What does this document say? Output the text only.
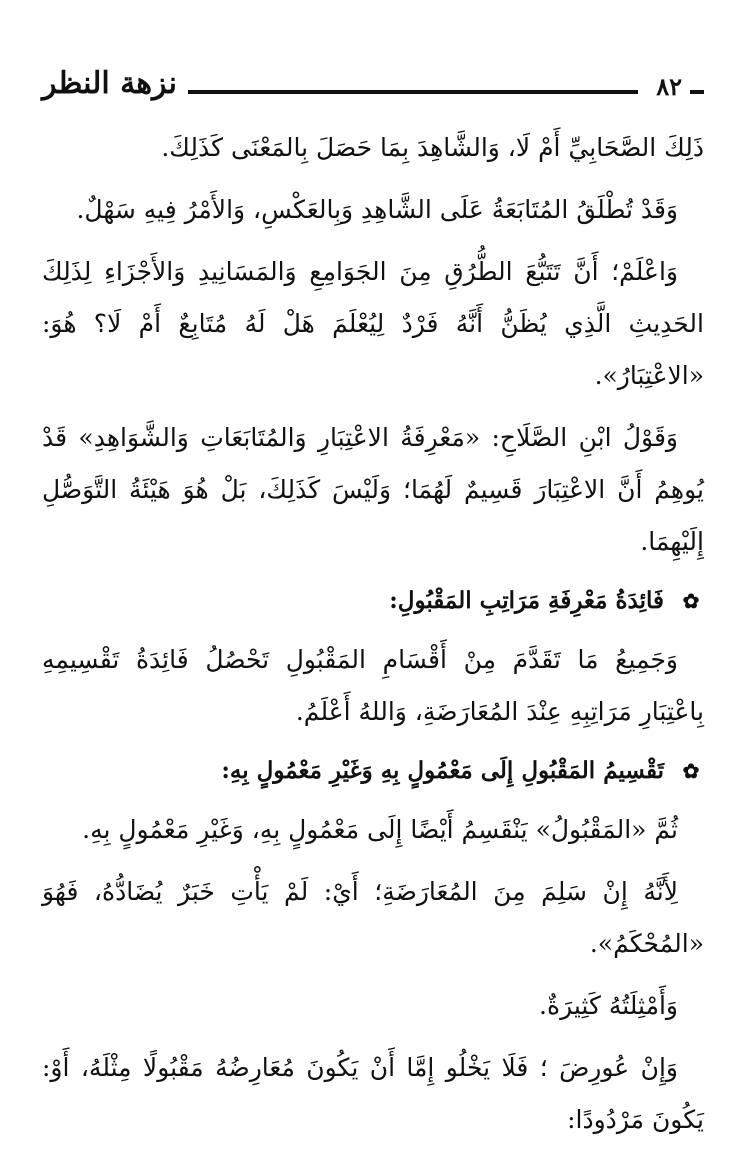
نزهة النظر	٨٢

ذَلِكَ الصَّحَابِيِّ أَمْ لَا، وَالشَّاهِدَ بِمَا حَصَلَ بِالمَعْنَى كَذَلِكَ.

وَقَدْ تُطْلَقُ المُتَابَعَةُ عَلَى الشَّاهِدِ وَبِالعَكْسِ، وَالأَمْرُ فِيهِ سَهْلٌ.

وَاعْلَمْ؛ أَنَّ تَتَبُّعَ الطُّرُقِ مِنَ الجَوَامِعِ وَالمَسَانِيدِ وَالأَجْزَاءِ لِذَلِكَ الحَدِيثِ الَّذِي يُظَنُّ أَنَّهُ فَرْدٌ لِيُعْلَمَ هَلْ لَهُ مُتَابِعٌ أَمْ لَا؟ هُوَ: «الاعْتِبَارُ».

وَقَوْلُ ابْنِ الصَّلَاحِ: «مَعْرِفَةُ الاعْتِبَارِ وَالمُتَابَعَاتِ وَالشَّوَاهِدِ» قَدْ يُوهِمُ أَنَّ الاعْتِبَارَ قَسِيمٌ لَهُمَا؛ وَلَيْسَ كَذَلِكَ، بَلْ هُوَ هَيْئَةُ التَّوَصُّلِ إِلَيْهِمَا.

✿
فَائِدَةُ مَعْرِفَةِ مَرَاتِبِ المَقْبُولِ:

وَجَمِيعُ مَا تَقَدَّمَ مِنْ أَقْسَامِ المَقْبُولِ تَحْصُلُ فَائِدَةُ تَقْسِيمِهِ بِاعْتِبَارِ مَرَاتِبِهِ عِنْدَ المُعَارَضَةِ، وَاللهُ أَعْلَمُ.

✿
تَقْسِيمُ المَقْبُولِ إِلَى مَعْمُولٍ بِهِ وَغَيْرِ مَعْمُولٍ بِهِ:

ثُمَّ «المَقْبُولُ» يَنْقَسِمُ أَيْضًا إِلَى مَعْمُولٍ بِهِ، وَغَيْرِ مَعْمُولٍ بِهِ.

لِأَنَّهُ إِنْ سَلِمَ مِنَ المُعَارَضَةِ؛ أَيْ: لَمْ يَأْتِ خَبَرٌ يُضَادُّهُ، فَهُوَ «المُحْكَمُ».

وَأَمْثِلَتُهُ كَثِيرَةٌ.

وَإِنْ عُورِضَ ؛ فَلَا يَخْلُو إِمَّا أَنْ يَكُونَ مُعَارِضُهُ مَقْبُولًا مِثْلَهُ، أَوْ: يَكُونَ مَرْدُودًا:
